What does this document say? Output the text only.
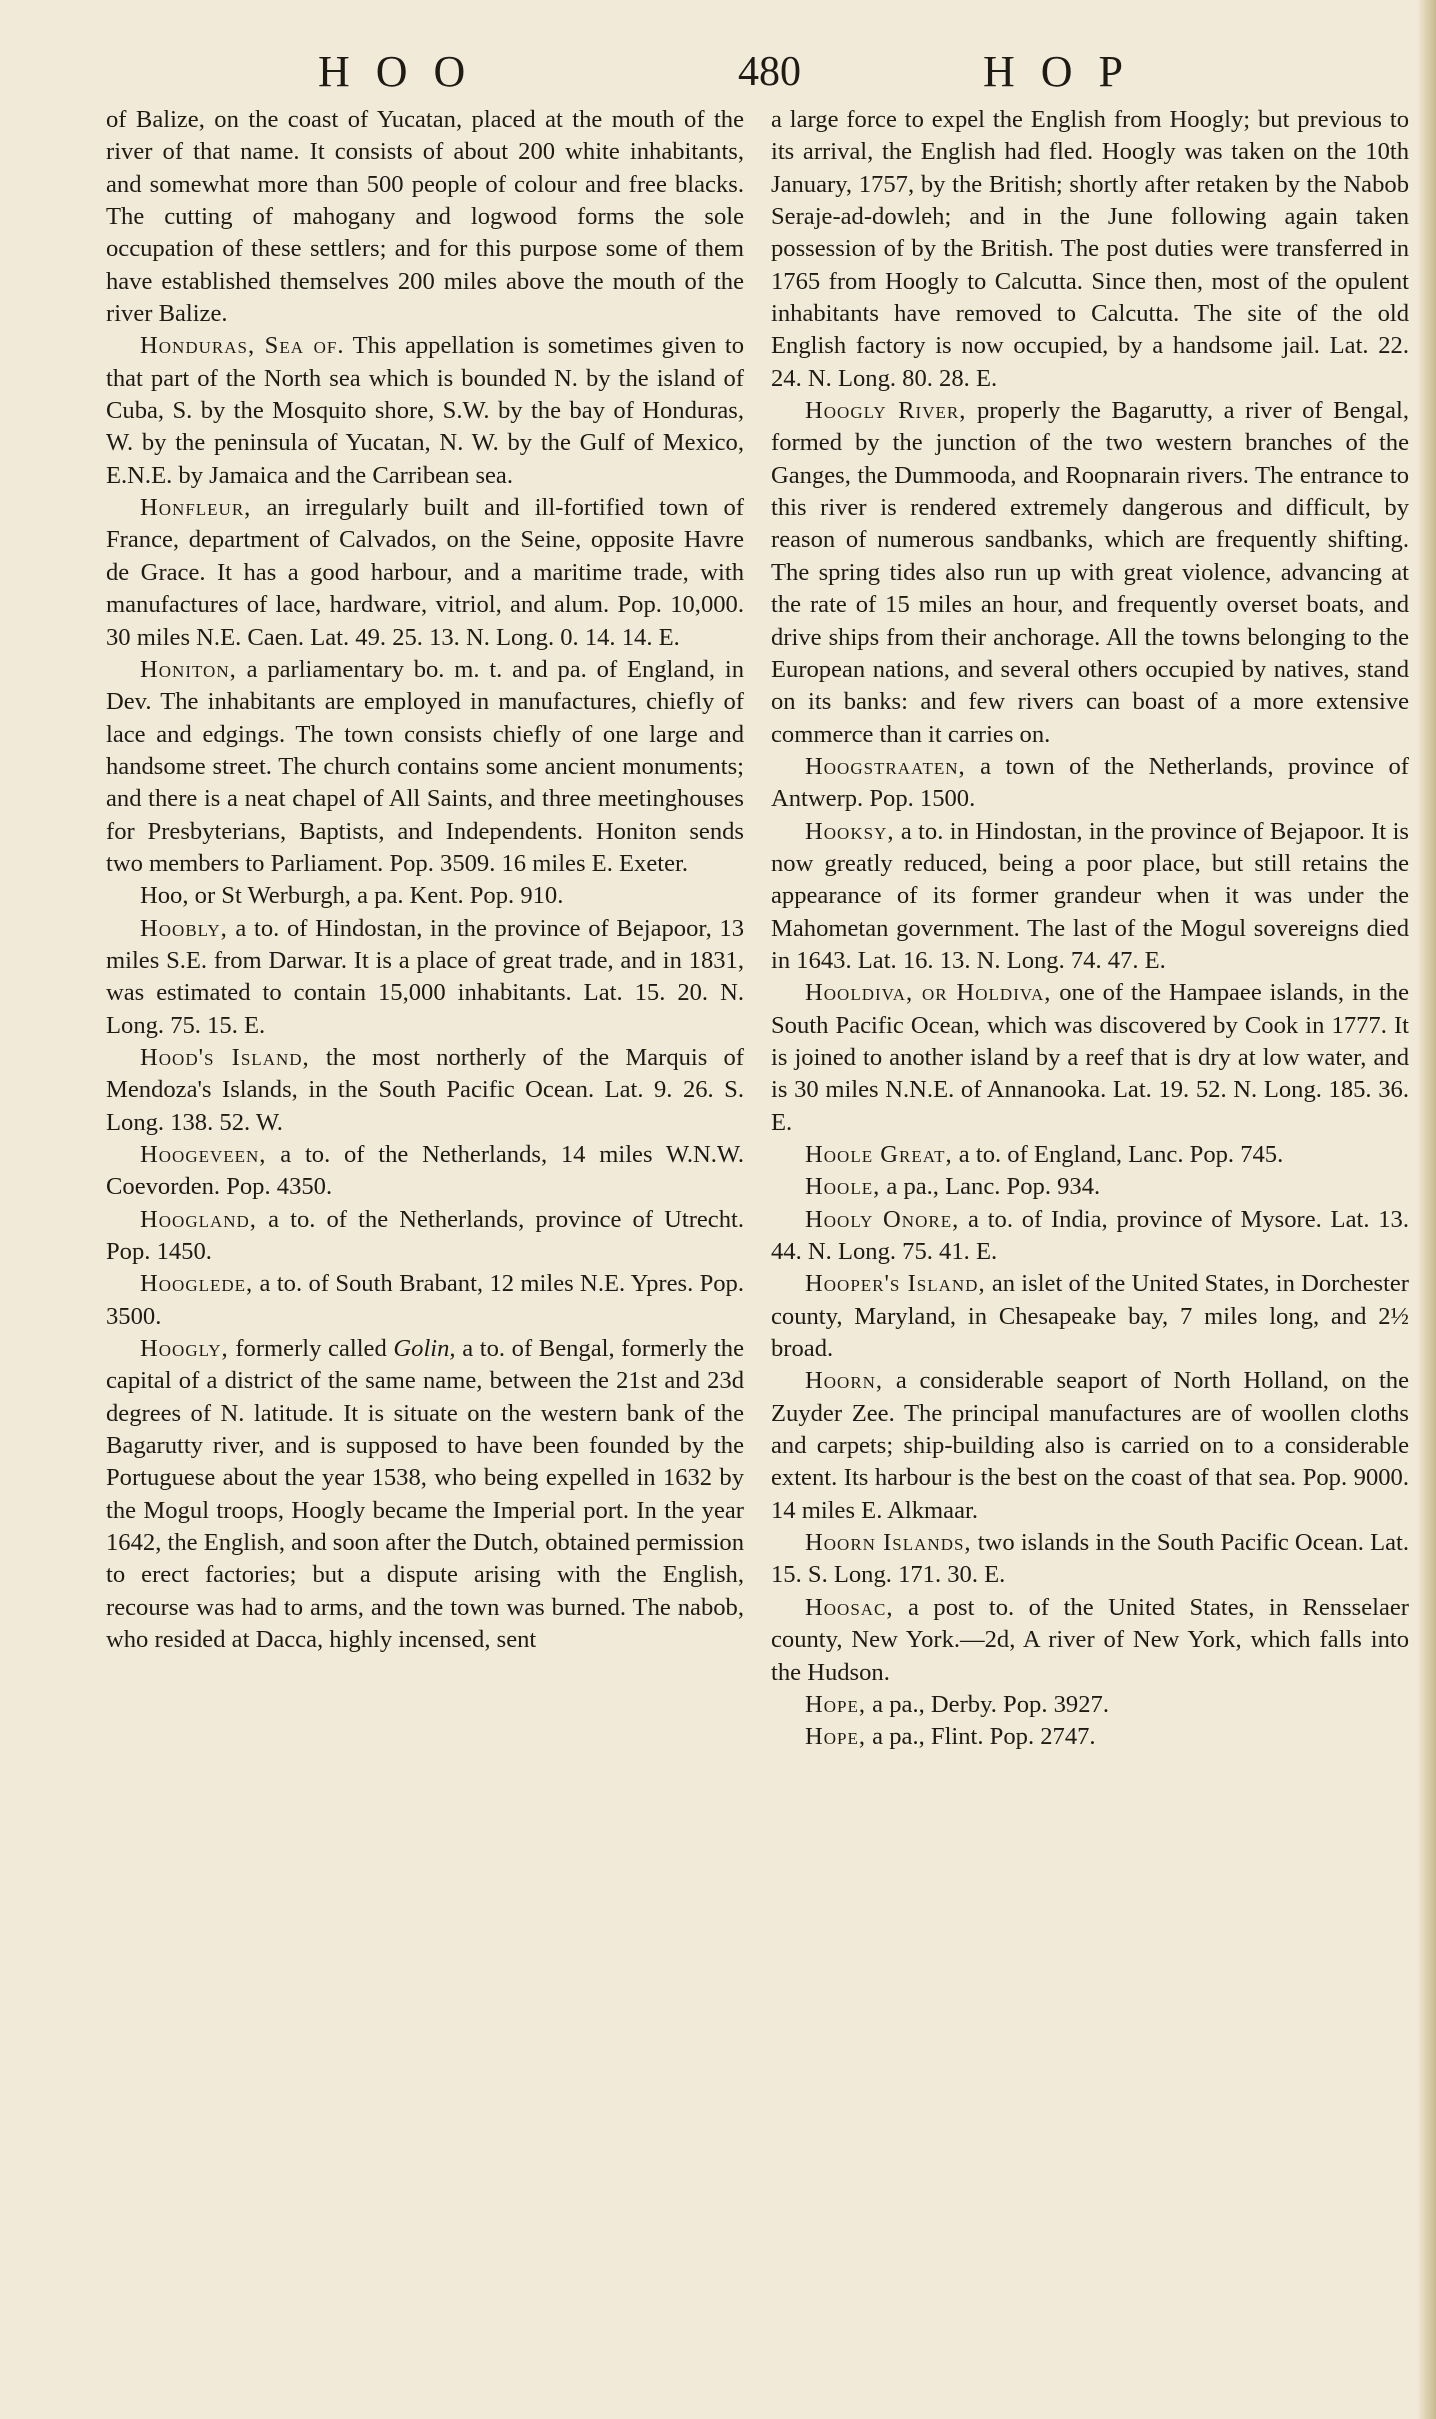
HOO	480	HOP

of Balize, on the coast of Yucatan, placed at the mouth of the river of that name. It consists of about 200 white inhabitants, and somewhat more than 500 people of colour and free blacks. The cutting of mahogany and logwood forms the sole occupation of these settlers; and for this purpose some of them have established themselves 200 miles above the mouth of the river Balize.

Honduras, Sea of. This appellation is sometimes given to that part of the North sea which is bounded N. by the island of Cuba, S. by the Mosquito shore, S.W. by the bay of Honduras, W. by the peninsula of Yucatan, N. W. by the Gulf of Mexico, E.N.E. by Jamaica and the Carribean sea.

Honfleur, an irregularly built and ill-fortified town of France, department of Calvados, on the Seine, opposite Havre de Grace. It has a good harbour, and a maritime trade, with manufactures of lace, hardware, vitriol, and alum. Pop. 10,000. 30 miles N.E. Caen. Lat. 49. 25. 13. N. Long. 0. 14. 14. E.

Honiton, a parliamentary bo. m. t. and pa. of England, in Dev. The inhabitants are employed in manufactures, chiefly of lace and edgings. The town consists chiefly of one large and handsome street. The church contains some ancient monuments; and there is a neat chapel of All Saints, and three meetinghouses for Presbyterians, Baptists, and Independents. Honiton sends two members to Parliament. Pop. 3509. 16 miles E. Exeter.

Hoo, or St Werburgh, a pa. Kent. Pop. 910.

Hoobly, a to. of Hindostan, in the province of Bejapoor, 13 miles S.E. from Darwar. It is a place of great trade, and in 1831, was estimated to contain 15,000 inhabitants. Lat. 15. 20. N. Long. 75. 15. E.

Hood's Island, the most northerly of the Marquis of Mendoza's Islands, in the South Pacific Ocean. Lat. 9. 26. S. Long. 138. 52. W.

Hoogeveen, a to. of the Netherlands, 14 miles W.N.W. Coevorden. Pop. 4350.

Hoogland, a to. of the Netherlands, province of Utrecht. Pop. 1450.

Hooglede, a to. of South Brabant, 12 miles N.E. Ypres. Pop. 3500.

Hoogly, formerly called Golin, a to. of Bengal, formerly the capital of a district of the same name, between the 21st and 23d degrees of N. latitude. It is situate on the western bank of the Bagarutty river, and is supposed to have been founded by the Portuguese about the year 1538, who being expelled in 1632 by the Mogul troops, Hoogly became the Imperial port. In the year 1642, the English, and soon after the Dutch, obtained permission to erect factories; but a dispute arising with the English, recourse was had to arms, and the town was burned. The nabob, who resided at Dacca, highly incensed, sent

a large force to expel the English from Hoogly; but previous to its arrival, the English had fled. Hoogly was taken on the 10th January, 1757, by the British; shortly after retaken by the Nabob Seraje-ad-dowleh; and in the June following again taken possession of by the British. The post duties were transferred in 1765 from Hoogly to Calcutta. Since then, most of the opulent inhabitants have removed to Calcutta. The site of the old English factory is now occupied, by a handsome jail. Lat. 22. 24. N. Long. 80. 28. E.

Hoogly River, properly the Bagarutty, a river of Bengal, formed by the junction of the two western branches of the Ganges, the Dummooda, and Roopnarain rivers. The entrance to this river is rendered extremely dangerous and difficult, by reason of numerous sandbanks, which are frequently shifting. The spring tides also run up with great violence, advancing at the rate of 15 miles an hour, and frequently overset boats, and drive ships from their anchorage. All the towns belonging to the European nations, and several others occupied by natives, stand on its banks: and few rivers can boast of a more extensive commerce than it carries on.

Hoogstraaten, a town of the Netherlands, province of Antwerp. Pop. 1500.

Hooksy, a to. in Hindostan, in the province of Bejapoor. It is now greatly reduced, being a poor place, but still retains the appearance of its former grandeur when it was under the Mahometan government. The last of the Mogul sovereigns died in 1643. Lat. 16. 13. N. Long. 74. 47. E.

Hooldiva, or Holdiva, one of the Hampaee islands, in the South Pacific Ocean, which was discovered by Cook in 1777. It is joined to another island by a reef that is dry at low water, and is 30 miles N.N.E. of Annanooka. Lat. 19. 52. N. Long. 185. 36. E.

Hoole Great, a to. of England, Lanc. Pop. 745.

Hoole, a pa., Lanc. Pop. 934.

Hooly Onore, a to. of India, province of Mysore. Lat. 13. 44. N. Long. 75. 41. E.

Hooper's Island, an islet of the United States, in Dorchester county, Maryland, in Chesapeake bay, 7 miles long, and 2½ broad.

Hoorn, a considerable seaport of North Holland, on the Zuyder Zee. The principal manufactures are of woollen cloths and carpets; ship-building also is carried on to a considerable extent. Its harbour is the best on the coast of that sea. Pop. 9000. 14 miles E. Alkmaar.

Hoorn Islands, two islands in the South Pacific Ocean. Lat. 15. S. Long. 171. 30. E.

Hoosac, a post to. of the United States, in Rensselaer county, New York.—2d, A river of New York, which falls into the Hudson.

Hope, a pa., Derby. Pop. 3927.

Hope, a pa., Flint. Pop. 2747.
